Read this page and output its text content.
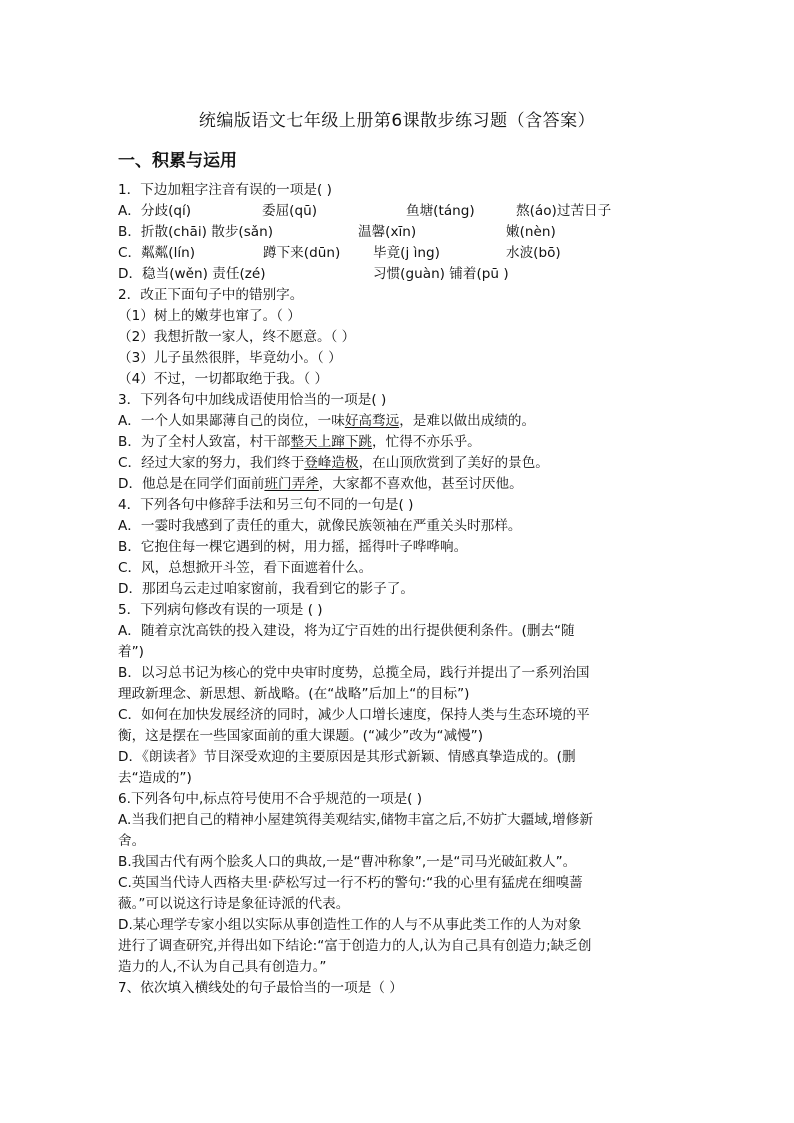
统编版语文七年级上册第6课散步练习题（含答案）
一、积累与运用
1．下边加粗字注音有误的一项是( )
A．分歧(qí)	委屈(qū)	鱼塘(táng)	熬(áo)过苦日子
B．折散(chāi) 散步(sǎn)	温馨(xīn)	嫩(nèn)
C．粼粼(lín)	蹲下来(dūn) 毕竟(j ìng)	水波(bō)
D．稳当(wěn) 责任(zé)	习惯(guàn) 铺着(pū )
2．改正下面句子中的错别字。
（1）树上的嫩芽也窜了。（ ）
（2）我想折散一家人，终不愿意。（ ）
（3）儿子虽然很胖，毕竟幼小。（ ）
（4）不过，一切都取绝于我。（ ）
3．下列各句中加线成语使用恰当的一项是( )
A．一个人如果鄙薄自己的岗位，一味好高骛远，是难以做出成绩的。
B．为了全村人致富，村干部整天上蹿下跳，忙得不亦乐乎。
C．经过大家的努力，我们终于登峰造极，在山顶欣赏到了美好的景色。
D．他总是在同学们面前班门弄斧，大家都不喜欢他，甚至讨厌他。
4．下列各句中修辞手法和另三句不同的一句是( )
A．一霎时我感到了责任的重大，就像民族领袖在严重关头时那样。
B．它抱住每一棵它遇到的树，用力摇，摇得叶子哗哗响。
C．风，总想掀开斗笠，看下面遮着什么。
D．那团乌云走过咱家窗前，我看到它的影子了。
5．下列病句修改有误的一项是 ( )
A．随着京沈高铁的投入建设，将为辽宁百姓的出行提供便利条件。(删去“随
着”)
B．以习总书记为核心的党中央审时度势，总揽全局，践行并提出了一系列治国
理政新理念、新思想、新战略。(在“战略”后加上“的目标”)
C．如何在加快发展经济的同时，减少人口增长速度，保持人类与生态环境的平
衡，这是摆在一些国家面前的重大课题。(“减少”改为“减慢”)
D．《朗读者》节目深受欢迎的主要原因是其形式新颖、情感真挚造成的。(删
去“造成的”)
6.下列各句中,标点符号使用不合乎规范的一项是( )
A.当我们把自己的精神小屋建筑得美观结实,储物丰富之后,不妨扩大疆域,增修新
舍。
B.我国古代有两个脍炙人口的典故,一是“曹冲称象”,一是“司马光破缸救人”。
C.英国当代诗人西格夫里·萨松写过一行不朽的警句:“我的心里有猛虎在细嗅蔷
薇。”可以说这行诗是象征诗派的代表。
D.某心理学专家小组以实际从事创造性工作的人与不从事此类工作的人为对象
进行了调查研究,并得出如下结论:“富于创造力的人,认为自己具有创造力;缺乏创
造力的人,不认为自己具有创造力。”
7、依次填入横线处的句子最恰当的一项是（ ）
